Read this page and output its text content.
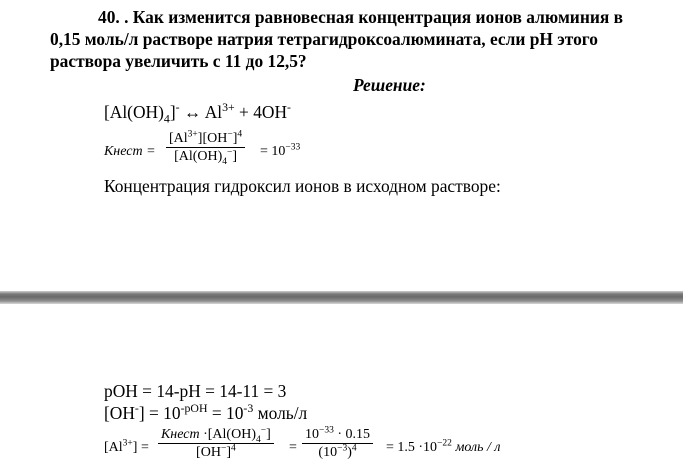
40. . Как изменится равновесная концентрация ионов алюминия в
0,15 моль/л растворе натрия тетрагидроксоалюмината, если pH этого
раствора увеличить с 11 до 12,5?
Решение:
$[Al(OH)_4]^-$ ↔ $Al^{3+} + 4OH^-$
Кнест =
$[Al^{3+}][OH^-]^4$
$[Al(OH)_4^-]$	= $10^{-33}$
Концентрация гидроксил ионов в исходном растворе:
pOH = 14-pH = 14-11 = 3
$[OH^-] = 10^{-pOH} = 10^{-3}$ моль/л
$[Al^{3+}]$ =
Кнест $\cdot[Al(OH)_4^-]$
$[OH^-]^4$	=
$10^{-33} \cdot 0.15$
$(10^{-3})^4$	= $1.5 \cdot 10^{-22}$ моль / л
